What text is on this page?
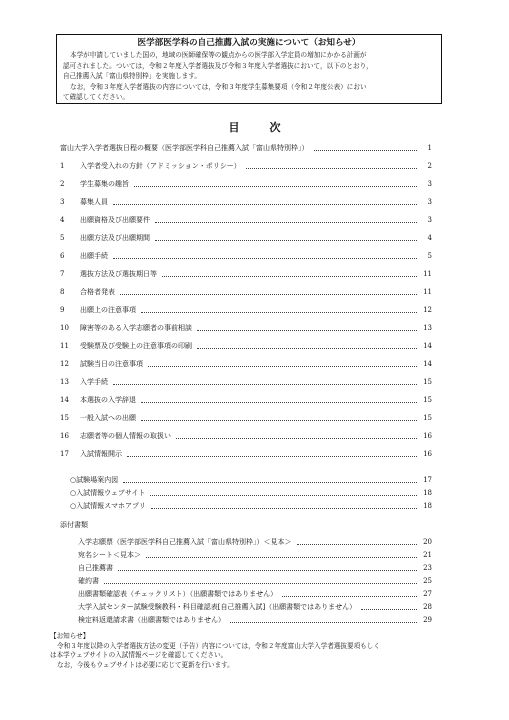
医学部医学科の自己推薦入試の実施について（お知らせ）

本学が申請していました国の，地域の医師確保等の観点からの医学部入学定員の増加にかかる計画が

認可されました。ついては，令和２年度入学者選抜及び令和３年度入学者選抜において，以下のとおり，

自己推薦入試「富山県特別枠」を実施します。

なお，令和３年度入学者選抜の内容については，令和３年度学生募集要項（令和２年度公表）におい

て確認してください。

目次
富山大学入学者選抜日程の概要（医学部医学科自己推薦入試「富山県特別枠」）	1
1	入学者受入れの方針（アドミッション・ポリシー）	2
2	学生募集の趣旨	3
3	募集人員	3
4	出願資格及び出願要件	3
5	出願方法及び出願期間	4
6	出願手続	5
7	選抜方法及び選抜期日等	11
8	合格者発表	11
9	出願上の注意事項	12
10	障害等のある入学志願者の事前相談	13
11	受験票及び受験上の注意事項の印刷	14
12	試験当日の注意事項	14
13	入学手続	15
14	本選抜の入学辞退	15
15	一般入試への出願	15
16	志願者等の個人情報の取扱い	16
17	入試情報開示	16
○試験場案内図	17
○入試情報ウェブサイト	18
○入試情報スマホアプリ	18
添付書類
入学志願票（医学部医学科自己推薦入試「富山県特別枠」）＜見本＞	20
宛名シート＜見本＞	21
自己推薦書	23
確約書	25
出願書類確認表（チェックリスト）（出願書類ではありません）	27
大学入試センター試験受験教科・科目確認表[自己推薦入試]（出願書類ではありません）	28
検定料返還請求書（出願書類ではありません）	29

【お知らせ】

令和３年度以降の入学者選抜方法の変更（予告）内容については，令和２年度富山大学入学者選抜要項もしく

は本学ウェブサイトの入試情報ページを確認してください。

なお，今後もウェブサイトは必要に応じて更新を行います。
